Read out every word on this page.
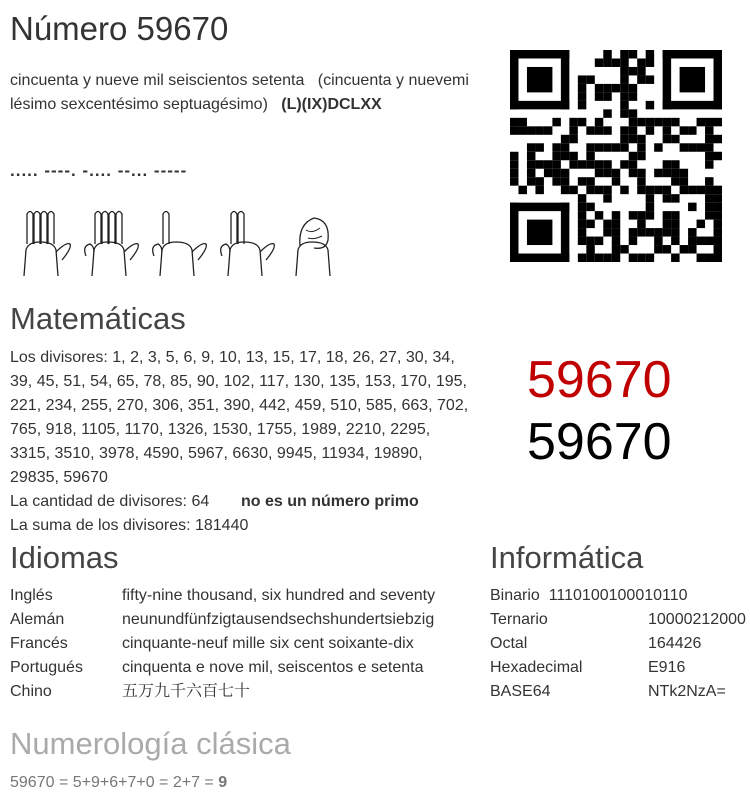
Número 59670
cincuenta y nueve mil seiscientos setenta (cincuenta y nuevemi
lésimo sexcentésimo septuagésimo) (L)(IX)DCLXX
..... ----. -.... --... -----
Matemáticas
Los divisores: 1, 2, 3, 5, 6, 9, 10, 13, 15, 17, 18, 26, 27, 30, 34,
39, 45, 51, 54, 65, 78, 85, 90, 102, 117, 130, 135, 153, 170, 195,
221, 234, 255, 270, 306, 351, 390, 442, 459, 510, 585, 663, 702,
765, 918, 1105, 1170, 1326, 1530, 1755, 1989, 2210, 2295,
3315, 3510, 3978, 4590, 5967, 6630, 9945, 11934, 19890,
29835, 59670
La cantidad de divisores: 64 no es un número primo
La suma de los divisores: 181440
59670
59670
Idiomas
Inglés	fifty-nine thousand, six hundred and seventy
Alemán	neunundfünfzigtausendsechshundertsiebzig
Francés	cinquante-neuf mille six cent soixante-dix
Portugués cinquenta e nove mil, seiscentos e setenta
Chino	五万九千六百七十
Informática
Binario 1110100100010110
Ternario	10000212000
Octal	164426
Hexadecimal	E916
BASE64	NTk2NzA=
Numerología clásica
59670 = 5+9+6+7+0 = 2+7 = 9
